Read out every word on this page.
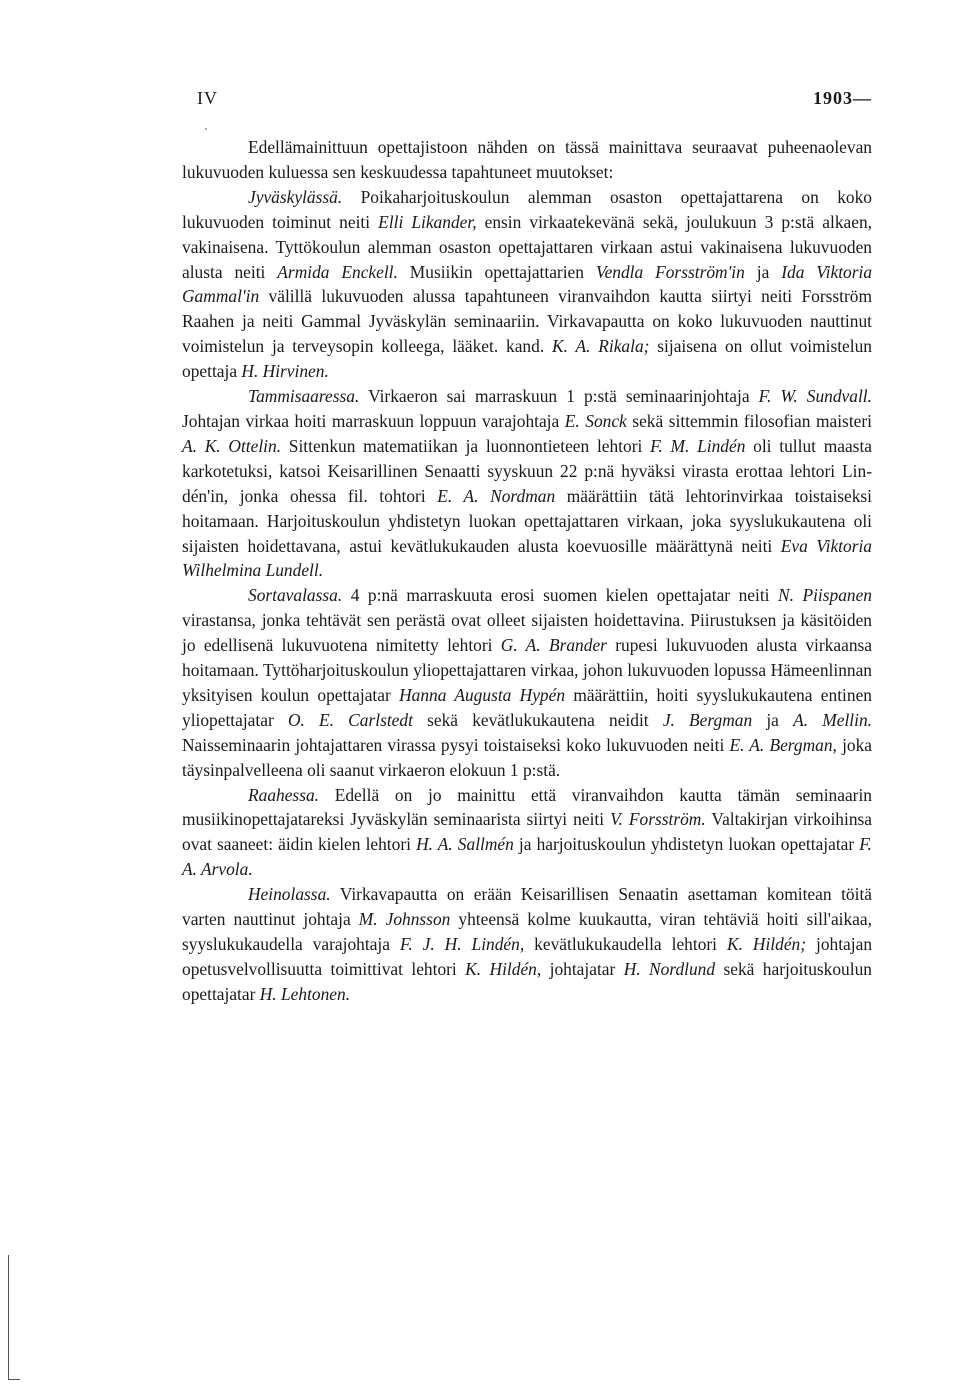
IV	1903—

Edellämainittuun opettajistoon nähden on tässä mainittava seuraavat puheenaolevan lukuvuoden kuluessa sen keskuudessa tapahtuneet muutokset:

Jyväskylässä. Poikaharjoituskoulun alemman osaston opettajattarena on koko lukuvuoden toiminut neiti Elli Likander, ensin virkaatekevänä sekä, joulukuun 3 p:stä alkaen, vakinaisena. Tyttökoulun alemman osaston opettajattaren virkaan astui vakinaisena lukuvuoden alusta neiti Armida Enckell. Musiikin opettajattarien Vendla Forsström'in ja Ida Viktoria Gammal'in välillä lukuvuoden alussa tapahtuneen viranvaihdon kautta siirtyi neiti Forsström Raahen ja neiti Gammal Jyväskylän seminaariin. Virkavapautta on koko lukuvuoden nauttinut voimistelun ja terveysopin kolleega, lääket. kand. K. A. Rikala; sijaisena on ollut voimistelun opettaja H. Hirvinen.

Tammisaaressa. Virkaeron sai marraskuun 1 p:stä seminaarinjohtaja F. W. Sundvall. Johtajan virkaa hoiti marraskuun loppuun varajohtaja E. Sonck sekä sittemmin filosofian maisteri A. K. Ottelin. Sittenkun matematiikan ja luonnontieteen lehtori F. M. Lindén oli tullut maasta karkotetuksi, katsoi Keisarillinen Senaatti syyskuun 22 p:nä hyväksi virasta erottaa lehtori Lindén'in, jonka ohessa fil. tohtori E. A. Nordman määrättiin tätä lehtorinvirkaa toistaiseksi hoitamaan. Harjoituskoulun yhdistetyn luokan opettajattaren virkaan, joka syyslukukautena oli sijaisten hoidettavana, astui kevätlukukauden alusta koevuosille määrättynä neiti Eva Viktoria Wilhelmina Lundell.

Sortavalassa. 4 p:nä marraskuuta erosi suomen kielen opettajatar neiti N. Piispanen virastansa, jonka tehtävät sen perästä ovat olleet sijaisten hoidettavina. Piirustuksen ja käsitöiden jo edellisenä lukuvuotena nimitetty lehtori G. A. Brander rupesi lukuvuoden alusta virkaansa hoitamaan. Tyttöharjoituskoulun yliopettajattaren virkaa, johon lukuvuoden lopussa Hämeenlinnan yksityisen koulun opettajatar Hanna Augusta Hypén määrättiin, hoiti syyslukukautena entinen yliopettajatar O. E. Carlstedt sekä kevätlukukautena neidit J. Bergman ja A. Mellin. Naisseminaarin johtajattaren virassa pysyi toistaiseksi koko lukuvuoden neiti E. A. Bergman, joka täysinpalvelleena oli saanut virkaeron elokuun 1 p:stä.

Raahessa. Edellä on jo mainittu että viranvaihdon kautta tämän seminaarin musiikinopettajatareksi Jyväskylän seminaarista siirtyi neiti V. Forsström. Valtakirjan virkoihinsa ovat saaneet: äidin kielen lehtori H. A. Sallmén ja harjoituskoulun yhdistetyn luokan opettajatar F. A. Arvola.

Heinolassa. Virkavapautta on erään Keisarillisen Senaatin asettaman komitean töitä varten nauttinut johtaja M. Johnsson yhteensä kolme kuukautta, viran tehtäviä hoiti sill'aikaa, syyslukukaudella varajohtaja F. J. H. Lindén, kevätlukukaudella lehtori K. Hildén; johtajan opetusvelvollisuutta toimittivat lehtori K. Hildén, johtajatar H. Nordlund sekä harjoituskoulun opettajatar H. Lehtonen.
